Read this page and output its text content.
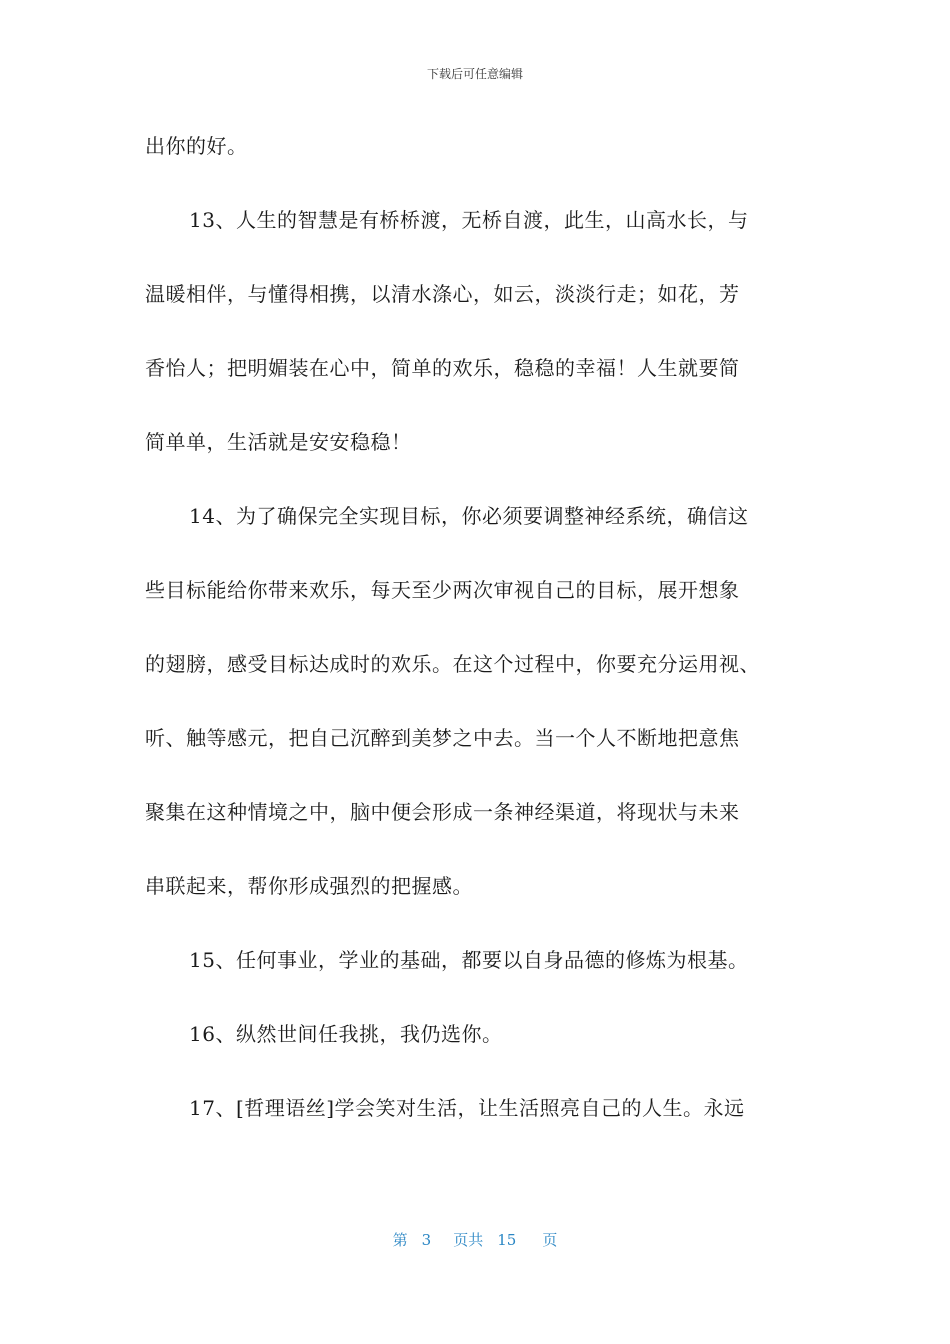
下载后可任意编辑
出你的好。
13、人生的智慧是有桥桥渡，无桥自渡，此生，山高水长，与
温暖相伴，与懂得相携，以清水涤心，如云，淡淡行走；如花，芳
香怡人；把明媚装在心中，简单的欢乐，稳稳的幸福！人生就要简
简单单，生活就是安安稳稳！
14、为了确保完全实现目标，你必须要调整神经系统，确信这
些目标能给你带来欢乐，每天至少两次审视自己的目标，展开想象
的翅膀，感受目标达成时的欢乐。在这个过程中，你要充分运用视、
听、触等感元，把自己沉醉到美梦之中去。当一个人不断地把意焦
聚集在这种情境之中，脑中便会形成一条神经渠道，将现状与未来
串联起来，帮你形成强烈的把握感。
15、任何事业，学业的基础，都要以自身品德的修炼为根基。
16、纵然世间任我挑，我仍选你。
17、[哲理语丝]学会笑对生活，让生活照亮自己的人生。永远
第 3 页共 15 页
